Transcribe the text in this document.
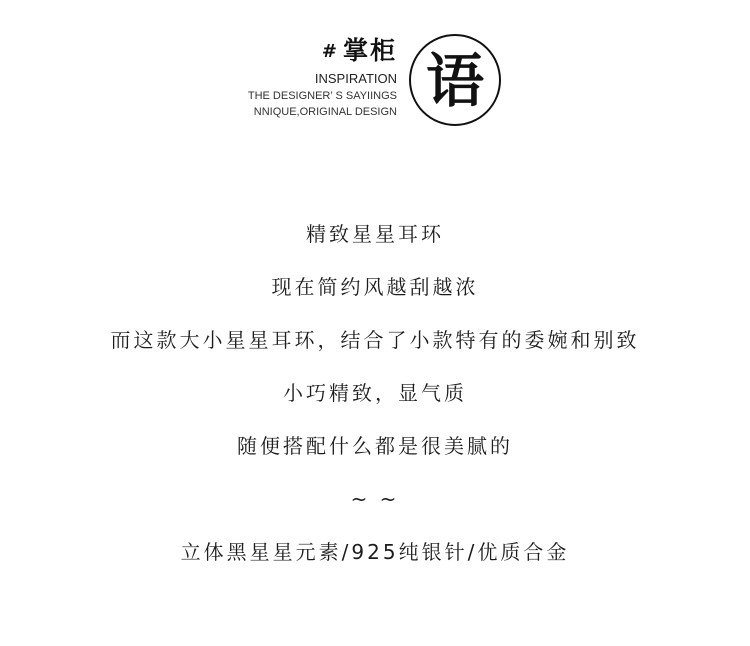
# 掌柜
INSPIRATION
THE DESIGNER’ S SAYIINGS
NNIQUE,ORIGINAL DESIGN 语
精致星星耳环
现在简约风越刮越浓
而这款大小星星耳环，结合了小款特有的委婉和别致
小巧精致，显气质
随便搭配什么都是很美腻的
~ ~
立体黑星星元素/925纯银针/优质合金
